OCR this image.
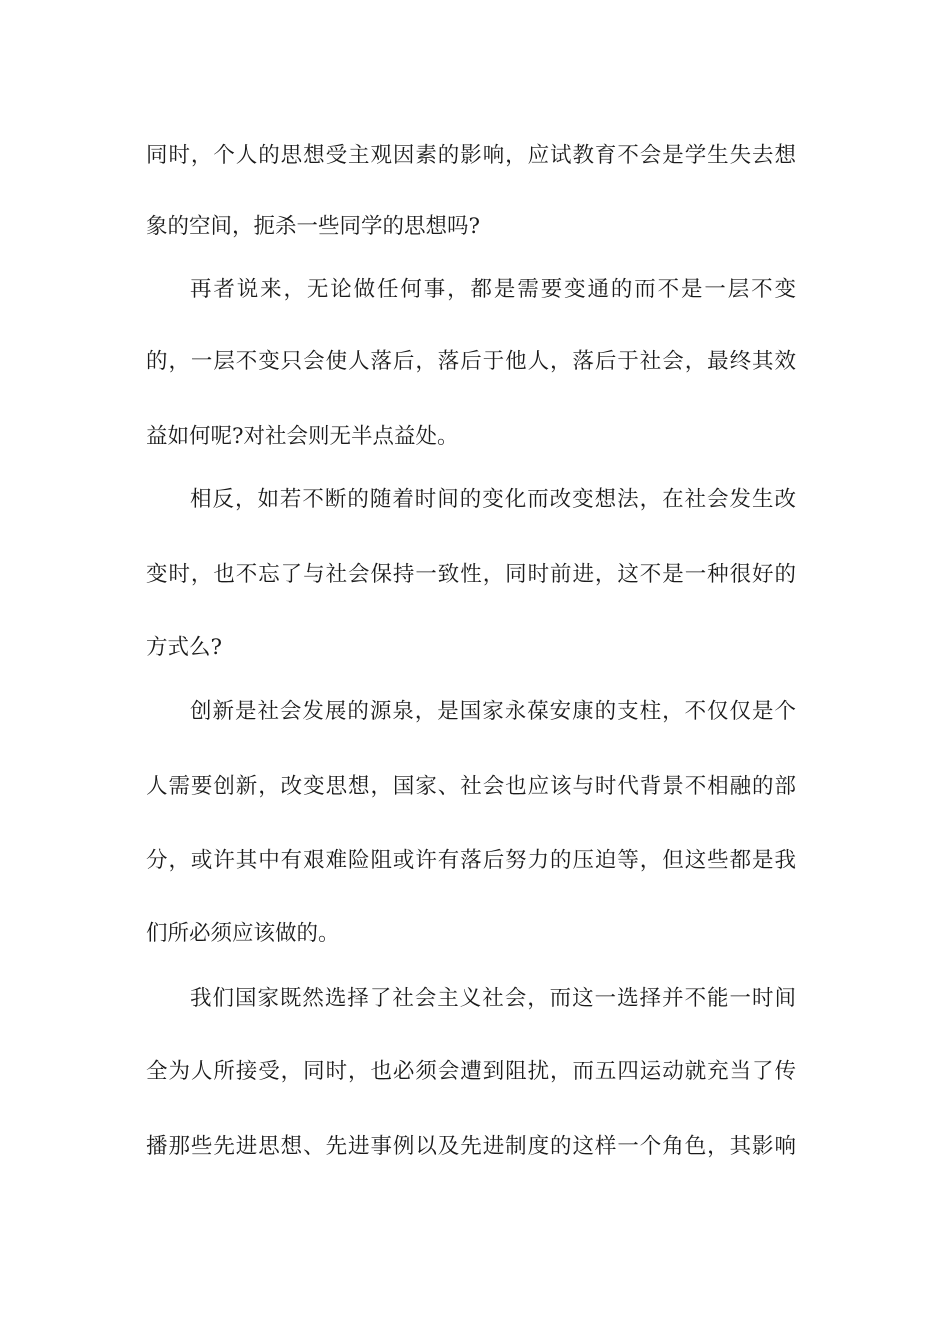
同时，个人的思想受主观因素的影响，应试教育不会是学生失去想
象的空间，扼杀一些同学的思想吗?
再者说来，无论做任何事，都是需要变通的而不是一层不变
的，一层不变只会使人落后，落后于他人，落后于社会，最终其效
益如何呢?对社会则无半点益处。
相反，如若不断的随着时间的变化而改变想法，在社会发生改
变时，也不忘了与社会保持一致性，同时前进，这不是一种很好的
方式么?
创新是社会发展的源泉，是国家永葆安康的支柱，不仅仅是个
人需要创新，改变思想，国家、社会也应该与时代背景不相融的部
分，或许其中有艰难险阻或许有落后努力的压迫等，但这些都是我
们所必须应该做的。
我们国家既然选择了社会主义社会，而这一选择并不能一时间
全为人所接受，同时，也必须会遭到阻扰，而五四运动就充当了传
播那些先进思想、先进事例以及先进制度的这样一个角色，其影响
